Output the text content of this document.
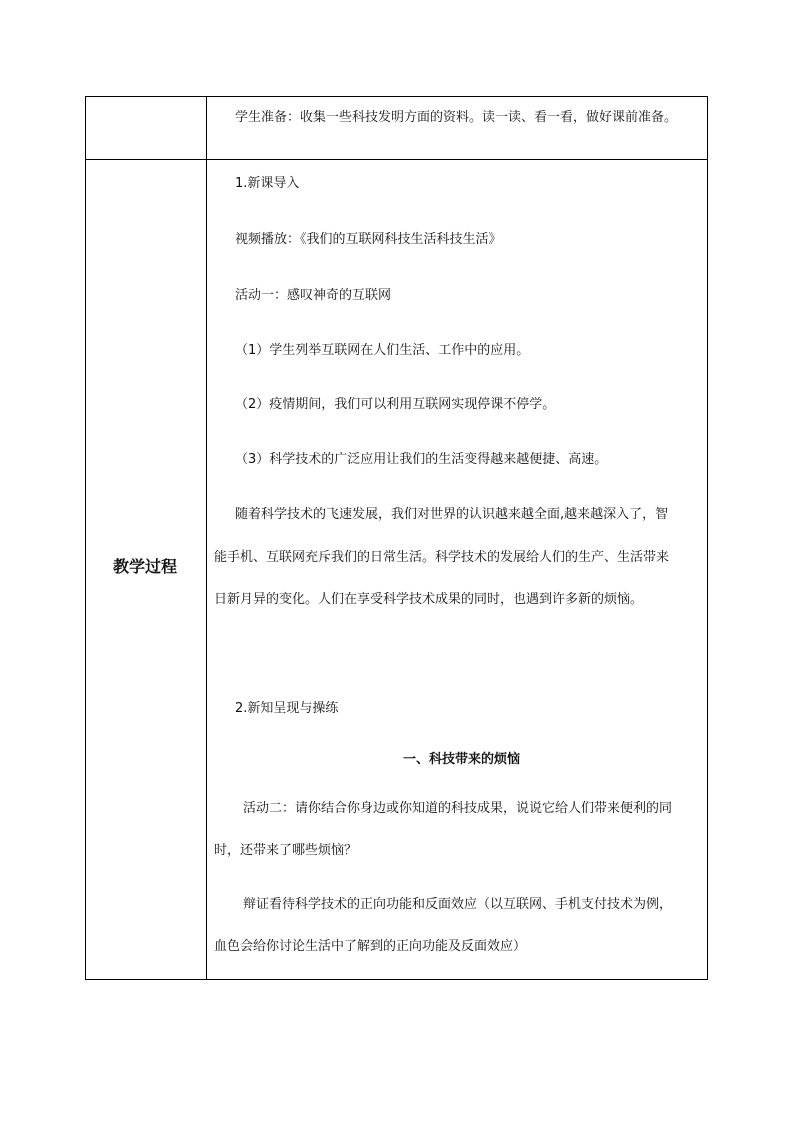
学生准备：收集一些科技发明方面的资料。读一读、看一看，做好课前准备。
教学过程
1.新课导入
视频播放：《我们的互联网科技生活科技生活》
活动一：感叹神奇的互联网
（1）学生列举互联网在人们生活、工作中的应用。
（2）疫情期间，我们可以利用互联网实现停课不停学。
（3）科学技术的广泛应用让我们的生活变得越来越便捷、高速。
随着科学技术的飞速发展，我们对世界的认识越来越全面,越来越深入了，智
能手机、互联网充斥我们的日常生活。科学技术的发展给人们的生产、生活带来
日新月异的变化。人们在享受科学技术成果的同时，也遇到许多新的烦恼。
2.新知呈现与操练
一、科技带来的烦恼
活动二：请你结合你身边或你知道的科技成果，说说它给人们带来便利的同
时，还带来了哪些烦恼？
辩证看待科学技术的正向功能和反面效应（以互联网、手机支付技术为例，
血色会给你讨论生活中了解到的正向功能及反面效应）
